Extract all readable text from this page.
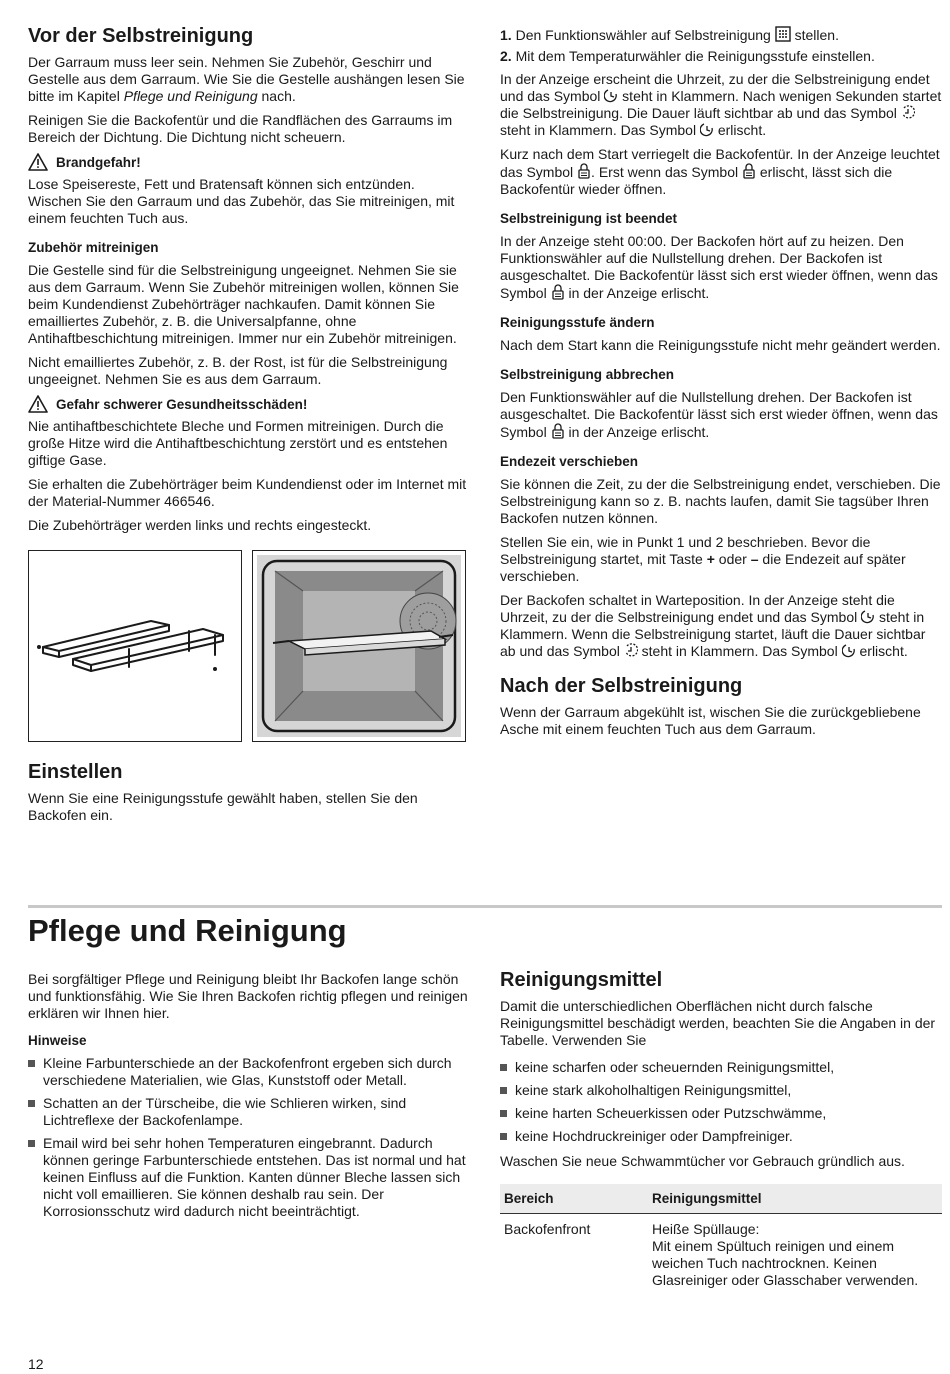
Vor der Selbstreinigung

Der Garraum muss leer sein. Nehmen Sie Zubehör, Geschirr und Gestelle aus dem Garraum. Wie Sie die Gestelle aushängen lesen Sie bitte im Kapitel Pflege und Reinigung nach.

Reinigen Sie die Backofentür und die Randflächen des Garraums im Bereich der Dichtung. Die Dichtung nicht scheuern.

Brandgefahr!

Lose Speisereste, Fett und Bratensaft können sich entzünden. Wischen Sie den Garraum und das Zubehör, das Sie mitreinigen, mit einem feuchten Tuch aus.

Zubehör mitreinigen

Die Gestelle sind für die Selbstreinigung ungeeignet. Nehmen Sie sie aus dem Garraum. Wenn Sie Zubehör mitreinigen wollen, können Sie beim Kundendienst Zubehörträger nachkaufen. Damit können Sie emailliertes Zubehör, z. B. die Universalpfanne, ohne Antihaftbeschichtung mitreinigen. Immer nur ein Zubehör mitreinigen.

Nicht emailliertes Zubehör, z. B. der Rost, ist für die Selbstreinigung ungeeignet. Nehmen Sie es aus dem Garraum.

Gefahr schwerer Gesundheitsschäden!

Nie antihaftbeschichtete Bleche und Formen mitreinigen. Durch die große Hitze wird die Antihaftbeschichtung zerstört und es entstehen giftige Gase.

Sie erhalten die Zubehörträger beim Kundendienst oder im Internet mit der Material-Nummer 466546.

Die Zubehörträger werden links und rechts eingesteckt.

Einstellen

Wenn Sie eine Reinigungsstufe gewählt haben, stellen Sie den Backofen ein.

1. Den Funktionswähler auf Selbstreinigung  stellen.
2. Mit dem Temperaturwähler die Reinigungsstufe einstellen.

In der Anzeige erscheint die Uhrzeit, zu der die Selbstreinigung endet und das Symbol  steht in Klammern. Nach wenigen Sekunden startet die Selbstreinigung. Die Dauer läuft sichtbar ab und das Symbol  steht in Klammern. Das Symbol  erlischt.

Kurz nach dem Start verriegelt die Backofentür. In der Anzeige leuchtet das Symbol . Erst wenn das Symbol  erlischt, lässt sich die Backofentür wieder öffnen.

Selbstreinigung ist beendet

In der Anzeige steht 00:00. Der Backofen hört auf zu heizen. Den Funktionswähler auf die Nullstellung drehen. Der Backofen ist ausgeschaltet. Die Backofentür lässt sich erst wieder öffnen, wenn das Symbol  in der Anzeige erlischt.

Reinigungsstufe ändern

Nach dem Start kann die Reinigungsstufe nicht mehr geändert werden.

Selbstreinigung abbrechen

Den Funktionswähler auf die Nullstellung drehen. Der Backofen ist ausgeschaltet. Die Backofentür lässt sich erst wieder öffnen, wenn das Symbol  in der Anzeige erlischt.

Endezeit verschieben

Sie können die Zeit, zu der die Selbstreinigung endet, verschieben. Die Selbstreinigung kann so z. B. nachts laufen, damit Sie tagsüber Ihren Backofen nutzen können.

Stellen Sie ein, wie in Punkt 1 und 2 beschrieben. Bevor die Selbstreinigung startet, mit Taste + oder – die Endezeit auf später verschieben.

Der Backofen schaltet in Warteposition. In der Anzeige steht die Uhrzeit, zu der die Selbstreinigung endet und das Symbol  steht in Klammern. Wenn die Selbstreinigung startet, läuft die Dauer sichtbar ab und das Symbol  steht in Klammern. Das Symbol  erlischt.

Nach der Selbstreinigung

Wenn der Garraum abgekühlt ist, wischen Sie die zurückgebliebene Asche mit einem feuchten Tuch aus dem Garraum.

Pflege und Reinigung

Bei sorgfältiger Pflege und Reinigung bleibt Ihr Backofen lange schön und funktionsfähig. Wie Sie Ihren Backofen richtig pflegen und reinigen erklären wir Ihnen hier.

Hinweise
Kleine Farbunterschiede an der Backofenfront ergeben sich durch verschiedene Materialien, wie Glas, Kunststoff oder Metall.
Schatten an der Türscheibe, die wie Schlieren wirken, sind Lichtreflexe der Backofenlampe.
Email wird bei sehr hohen Temperaturen eingebrannt. Dadurch können geringe Farbunterschiede entstehen. Das ist normal und hat keinen Einfluss auf die Funktion. Kanten dünner Bleche lassen sich nicht voll emaillieren. Sie können deshalb rau sein. Der Korrosionsschutz wird dadurch nicht beeinträchtigt.
Reinigungsmittel

Damit die unterschiedlichen Oberflächen nicht durch falsche Reinigungsmittel beschädigt werden, beachten Sie die Angaben in der Tabelle. Verwenden Sie

keine scharfen oder scheuernden Reinigungsmittel,
keine stark alkoholhaltigen Reinigungsmittel,
keine harten Scheuerkissen oder Putzschwämme,
keine Hochdruckreiniger oder Dampfreiniger.

Waschen Sie neue Schwammtücher vor Gebrauch gründlich aus.

Bereich	Reinigungsmittel
Backofenfront	Heiße Spüllauge:
Mit einem Spültuch reinigen und einem weichen Tuch nachtrocknen. Keinen Glasreiniger oder Glasschaber verwenden.
12
